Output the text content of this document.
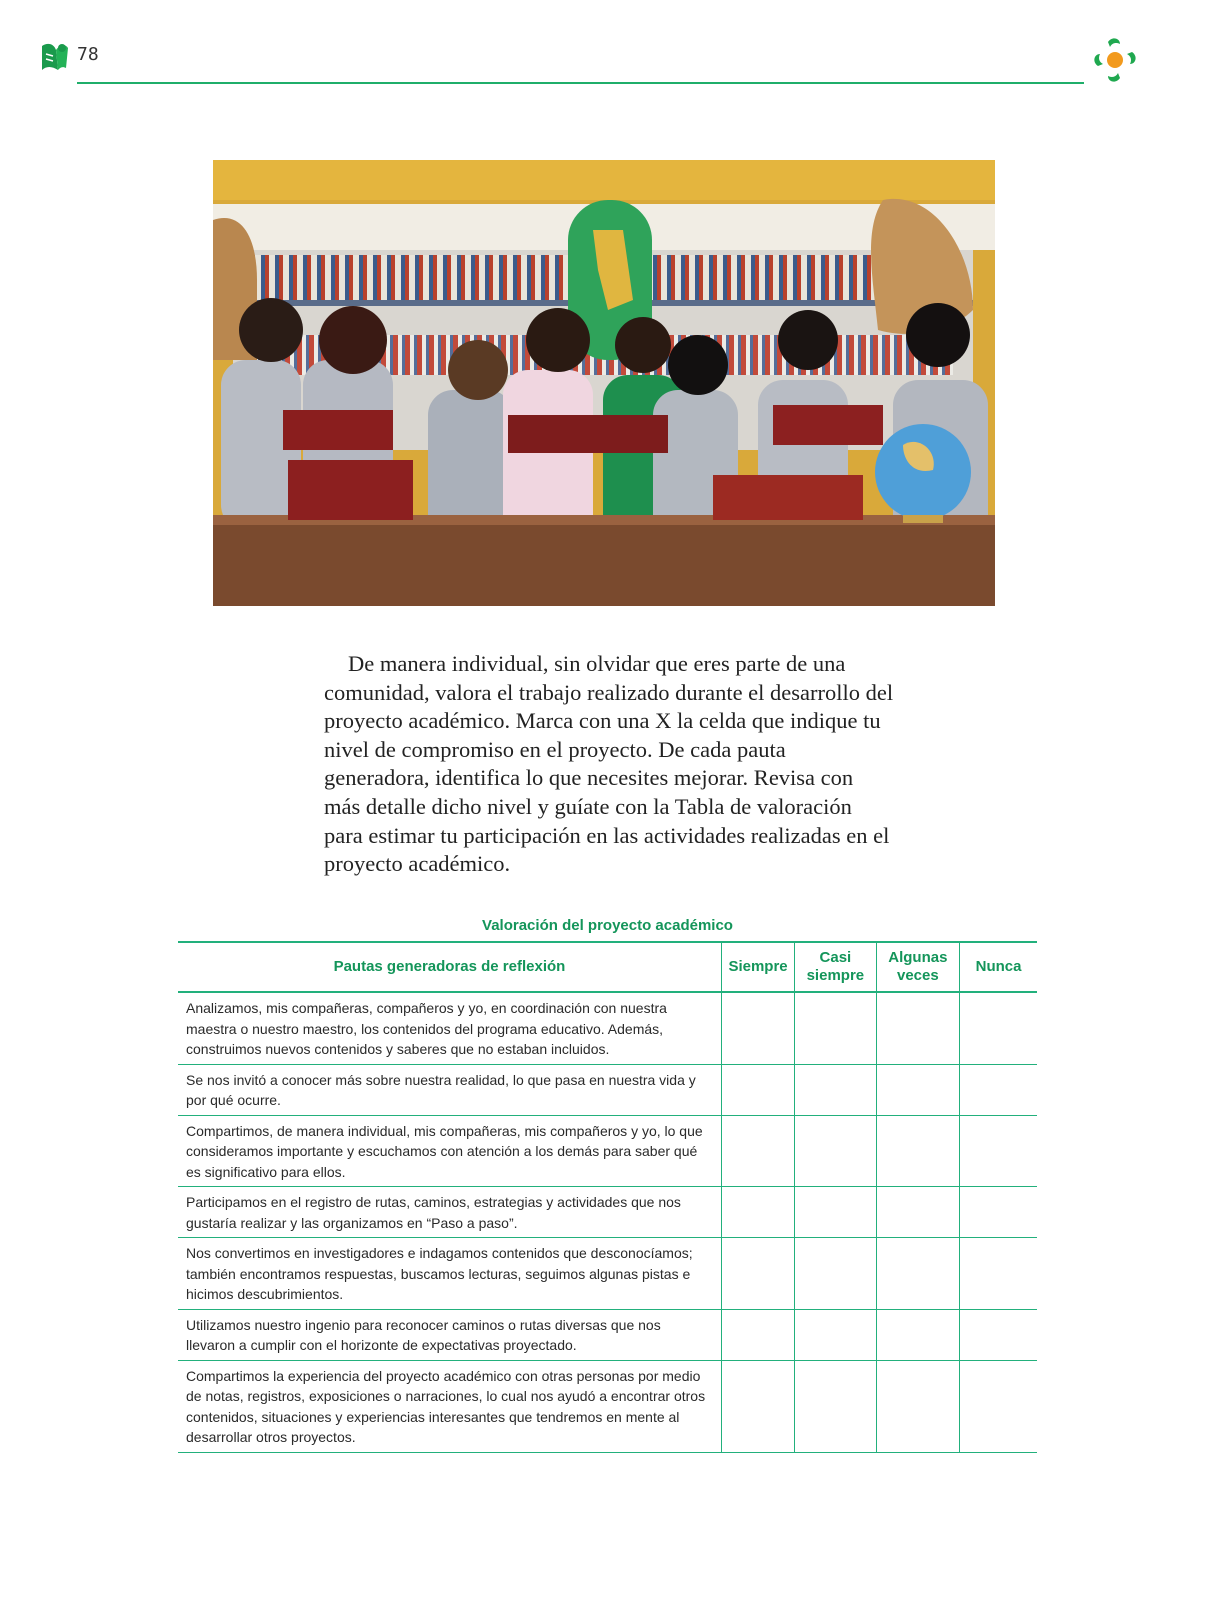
78

De manera individual, sin olvidar que eres parte de una comunidad, valora el trabajo realizado durante el desarrollo del proyecto académico. Marca con una X la celda que indique tu nivel de compromiso en el proyecto. De cada pauta generadora, identifica lo que necesites mejorar. Revisa con más detalle dicho nivel y guíate con la Tabla de valoración para estimar tu participación en las actividades realizadas en el proyecto académico.

Valoración del proyecto académico
Pautas generadoras de reflexión	Siempre	Casi siempre	Algunas veces	Nunca
Analizamos, mis compañeras, compañeros y yo, en coordinación con nuestra maestra o nuestro maestro, los contenidos del programa educativo. Además, construimos nuevos contenidos y saberes que no estaban incluidos.				
Se nos invitó a conocer más sobre nuestra realidad, lo que pasa en nuestra vida y por qué ocurre.				
Compartimos, de manera individual, mis compañeras, mis compañeros y yo, lo que consideramos importante y escuchamos con atención a los demás para saber qué es significativo para ellos.				
Participamos en el registro de rutas, caminos, estrategias y actividades que nos gustaría realizar y las organizamos en “Paso a paso”.				
Nos convertimos en investigadores e indagamos contenidos que desconocíamos; también encontramos respuestas, buscamos lecturas, seguimos algunas pistas e hicimos descubrimientos.				
Utilizamos nuestro ingenio para reconocer caminos o rutas diversas que nos llevaron a cumplir con el horizonte de expectativas proyectado.				
Compartimos la experiencia del proyecto académico con otras personas por medio de notas, registros, exposiciones o narraciones, lo cual nos ayudó a encontrar otros contenidos, situaciones y experiencias interesantes que tendremos en mente al desarrollar otros proyectos.				
